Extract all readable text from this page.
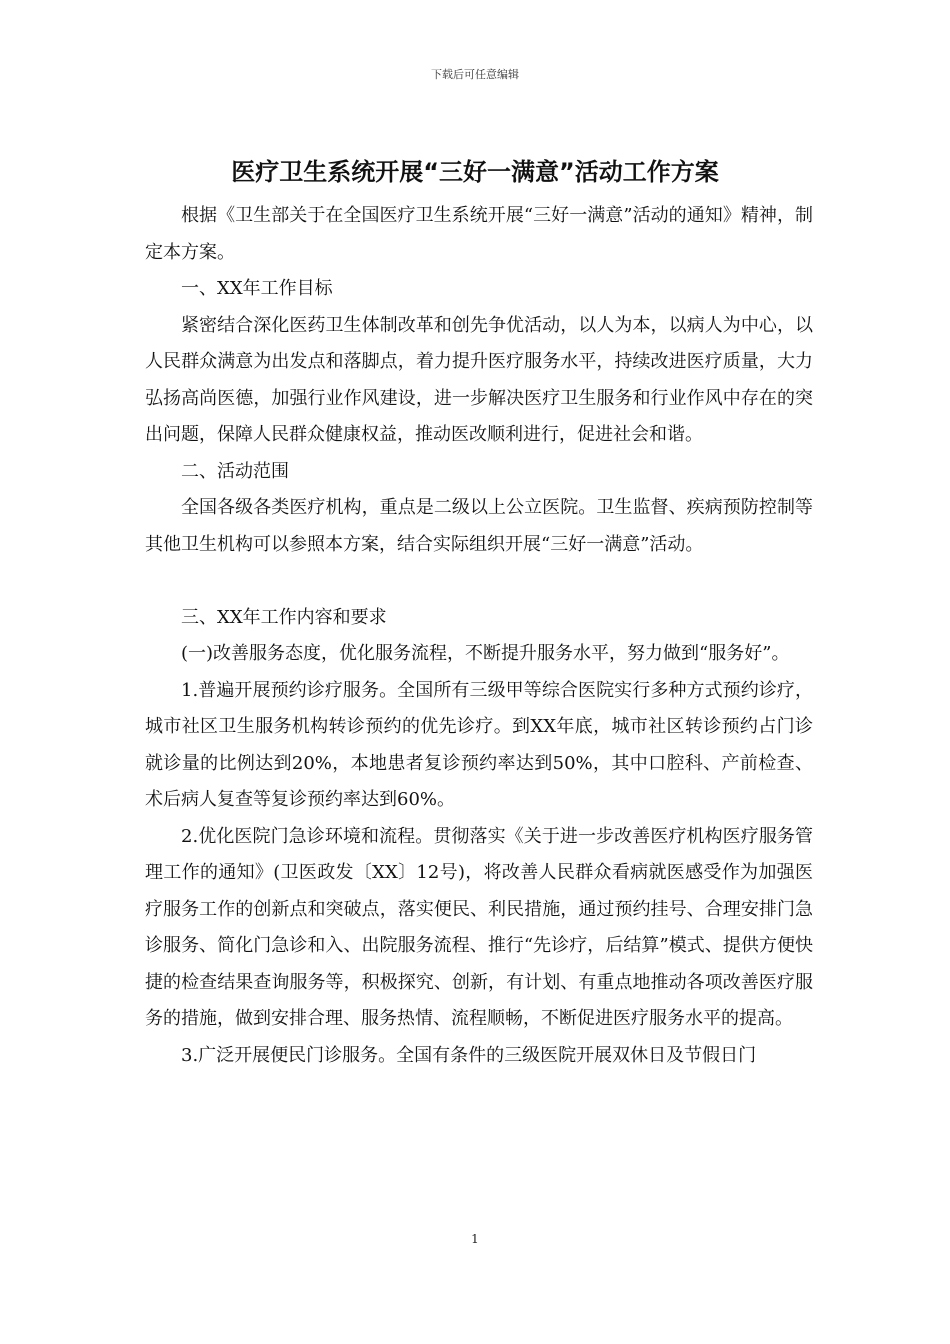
下载后可任意编辑
医疗卫生系统开展“三好一满意”活动工作方案

根据《卫生部关于在全国医疗卫生系统开展“三好一满意”活动的通知》精神，制定本方案。

一、XX年工作目标

紧密结合深化医药卫生体制改革和创先争优活动，以人为本，以病人为中心，以人民群众满意为出发点和落脚点，着力提升医疗服务水平，持续改进医疗质量，大力弘扬高尚医德，加强行业作风建设，进一步解决医疗卫生服务和行业作风中存在的突出问题，保障人民群众健康权益，推动医改顺利进行，促进社会和谐。

二、活动范围

全国各级各类医疗机构，重点是二级以上公立医院。卫生监督、疾病预防控制等其他卫生机构可以参照本方案，结合实际组织开展“三好一满意”活动。

三、XX年工作内容和要求

(一)改善服务态度，优化服务流程，不断提升服务水平，努力做到“服务好”。

1.普遍开展预约诊疗服务。全国所有三级甲等综合医院实行多种方式预约诊疗，城市社区卫生服务机构转诊预约的优先诊疗。到XX年底，城市社区转诊预约占门诊就诊量的比例达到20%，本地患者复诊预约率达到50%，其中口腔科、产前检查、术后病人复查等复诊预约率达到60%。

2.优化医院门急诊环境和流程。贯彻落实《关于进一步改善医疗机构医疗服务管理工作的通知》(卫医政发〔XX〕12号)，将改善人民群众看病就医感受作为加强医疗服务工作的创新点和突破点，落实便民、利民措施，通过预约挂号、合理安排门急诊服务、简化门急诊和入、出院服务流程、推行“先诊疗，后结算”模式、提供方便快捷的检查结果查询服务等，积极探究、创新，有计划、有重点地推动各项改善医疗服务的措施，做到安排合理、服务热情、流程顺畅，不断促进医疗服务水平的提高。

3.广泛开展便民门诊服务。全国有条件的三级医院开展双休日及节假日门

1
